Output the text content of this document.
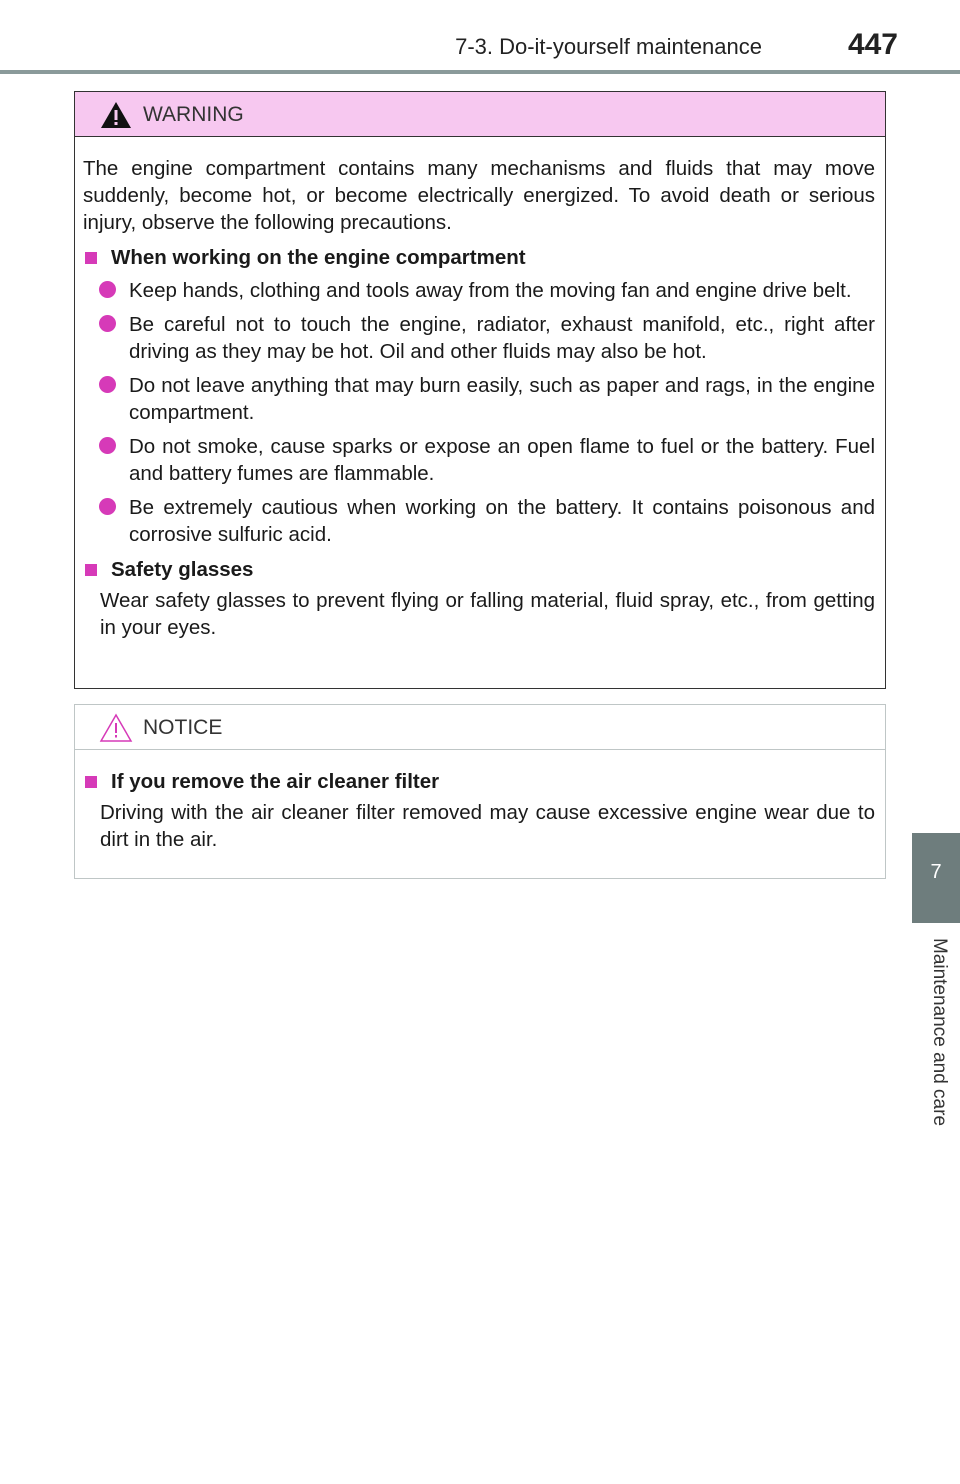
7-3. Do-it-yourself maintenance	447
7
Maintenance and care
WARNING

The engine compartment contains many mechanisms and fluids that may move suddenly, become hot, or become electrically energized. To avoid death or serious injury, observe the following precautions.

When working on the engine compartment
Keep hands, clothing and tools away from the moving fan and engine drive belt.
Be careful not to touch the engine, radiator, exhaust manifold, etc., right after driving as they may be hot. Oil and other fluids may also be hot.
Do not leave anything that may burn easily, such as paper and rags, in the engine compartment.
Do not smoke, cause sparks or expose an open flame to fuel or the battery. Fuel and battery fumes are flammable.
Be extremely cautious when working on the battery. It contains poisonous and corrosive sulfuric acid.
Safety glasses
Wear safety glasses to prevent flying or falling material, fluid spray, etc., from getting in your eyes.
NOTICE
If you remove the air cleaner filter
Driving with the air cleaner filter removed may cause excessive engine wear due to dirt in the air.
